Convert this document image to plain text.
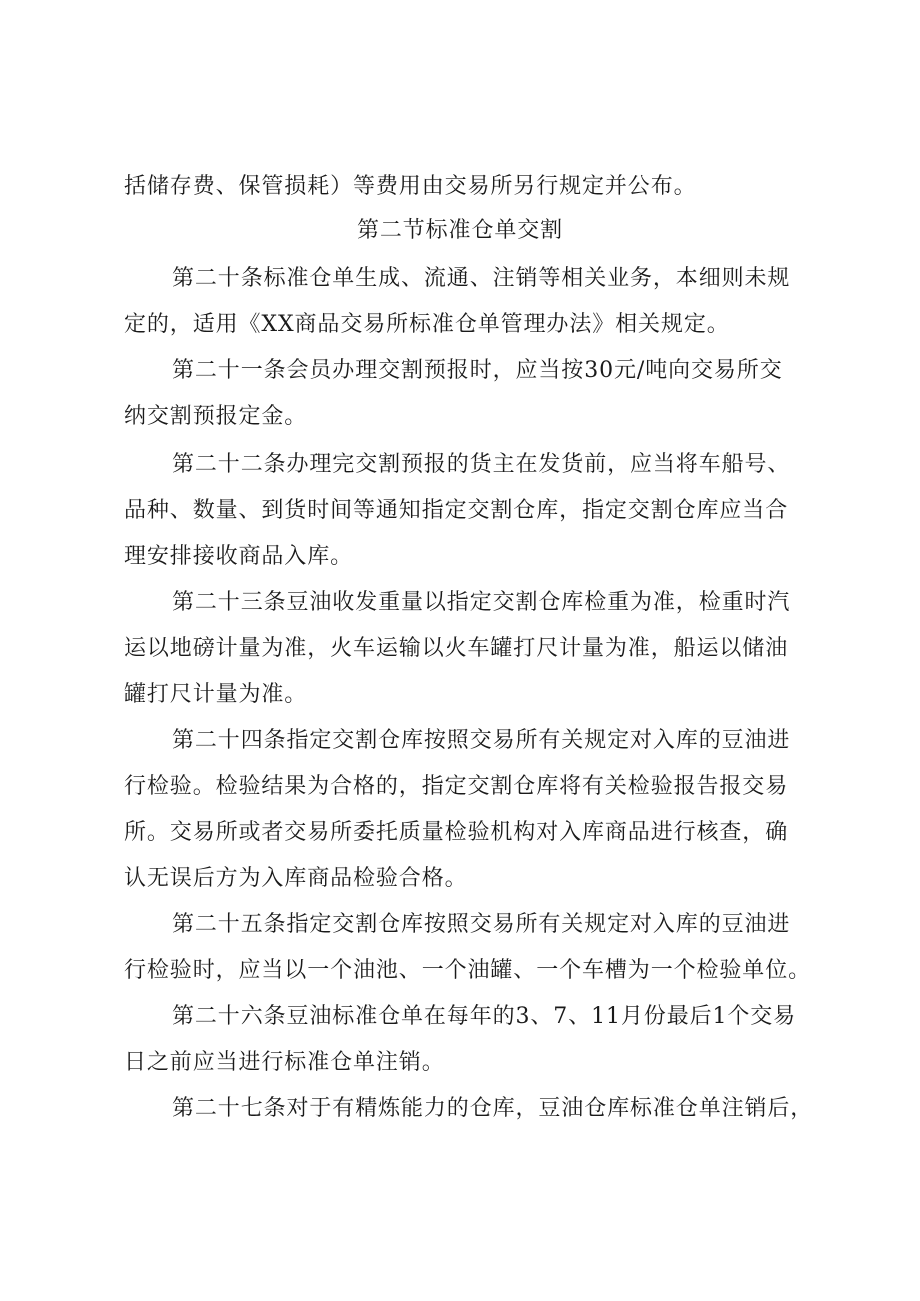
括储存费、保管损耗）等费用由交易所另行规定并公布。
第二节标准仓单交割
第二十条标准仓单生成、流通、注销等相关业务，本细则未规
定的，适用《XX商品交易所标准仓单管理办法》相关规定。
第二十一条会员办理交割预报时，应当按30元/吨向交易所交
纳交割预报定金。
第二十二条办理完交割预报的货主在发货前，应当将车船号、
品种、数量、到货时间等通知指定交割仓库，指定交割仓库应当合
理安排接收商品入库。
第二十三条豆油收发重量以指定交割仓库检重为准，检重时汽
运以地磅计量为准，火车运输以火车罐打尺计量为准，船运以储油
罐打尺计量为准。
第二十四条指定交割仓库按照交易所有关规定对入库的豆油进
行检验。检验结果为合格的，指定交割仓库将有关检验报告报交易
所。交易所或者交易所委托质量检验机构对入库商品进行核查，确
认无误后方为入库商品检验合格。
第二十五条指定交割仓库按照交易所有关规定对入库的豆油进
行检验时，应当以一个油池、一个油罐、一个车槽为一个检验单位。
第二十六条豆油标准仓单在每年的3、7、11月份最后1个交易
日之前应当进行标准仓单注销。
第二十七条对于有精炼能力的仓库，豆油仓库标准仓单注销后，
